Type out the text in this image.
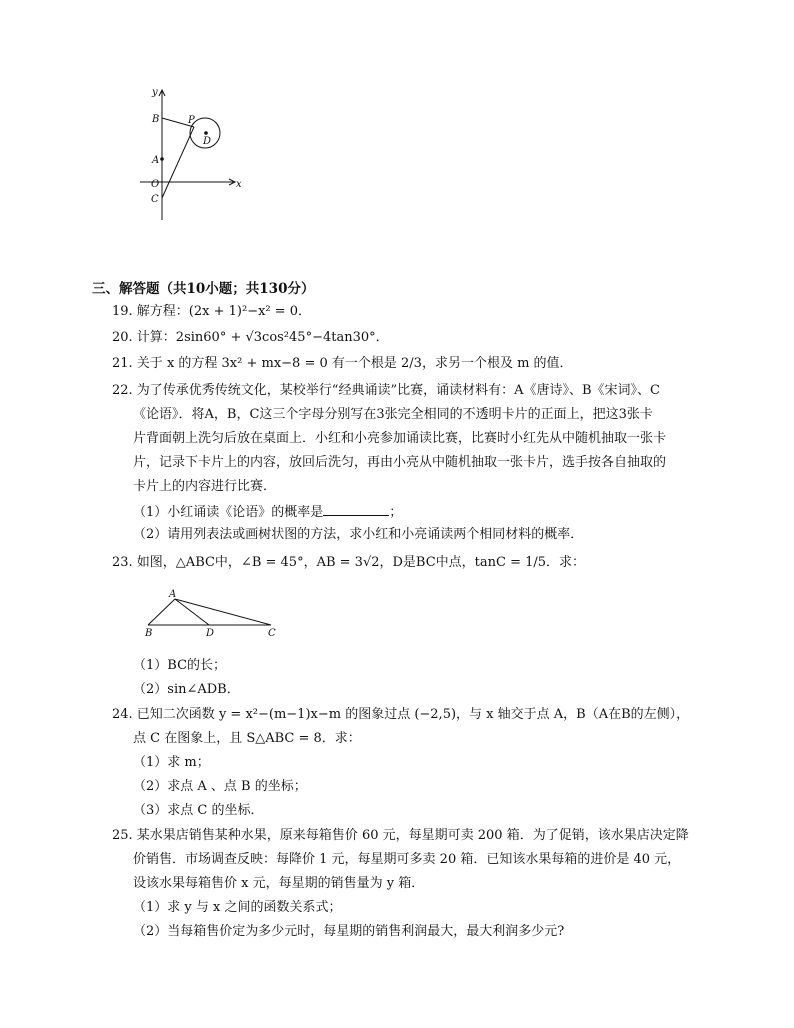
y
x
B	P
D
A
O
C
三、解答题（共10小题；共130分）
19. 解方程：(2x + 1)²−x² = 0．
20. 计算：2sin60° + √3cos²45°−4tan30°．
21. 关于 x 的方程 3x² + mx−8 = 0 有一个根是 2/3，求另一个根及 m 的值．
22. 为了传承优秀传统文化，某校举行“经典诵读”比赛，诵读材料有：A《唐诗》、B《宋词》、C
《论语》．将A，B，C这三个字母分别写在3张完全相同的不透明卡片的正面上，把这3张卡
片背面朝上洗匀后放在桌面上．小红和小亮参加诵读比赛，比赛时小红先从中随机抽取一张卡
片，记录下卡片上的内容，放回后洗匀，再由小亮从中随机抽取一张卡片，选手按各自抽取的
卡片上的内容进行比赛．
（1）小红诵读《论语》的概率是	；
（2）请用列表法或画树状图的方法，求小红和小亮诵读两个相同材料的概率．
23. 如图，△ABC中，∠B = 45°，AB = 3√2，D是BC中点，tanC = 1/5．求：
A
B	D	C
（1）BC的长；
（2）sin∠ADB．
24. 已知二次函数 y = x²−(m−1)x−m 的图象过点 (−2,5)，与 x 轴交于点 A，B（A在B的左侧），
点 C 在图象上，且 S△ABC = 8．求：
（1）求 m；
（2）求点 A 、点 B 的坐标；
（3）求点 C 的坐标．
25. 某水果店销售某种水果，原来每箱售价 60 元，每星期可卖 200 箱．为了促销，该水果店决定降
价销售．市场调查反映：每降价 1 元，每星期可多卖 20 箱．已知该水果每箱的进价是 40 元，
设该水果每箱售价 x 元，每星期的销售量为 y 箱．
（1）求 y 与 x 之间的函数关系式；
（2）当每箱售价定为多少元时，每星期的销售利润最大，最大利润多少元?
